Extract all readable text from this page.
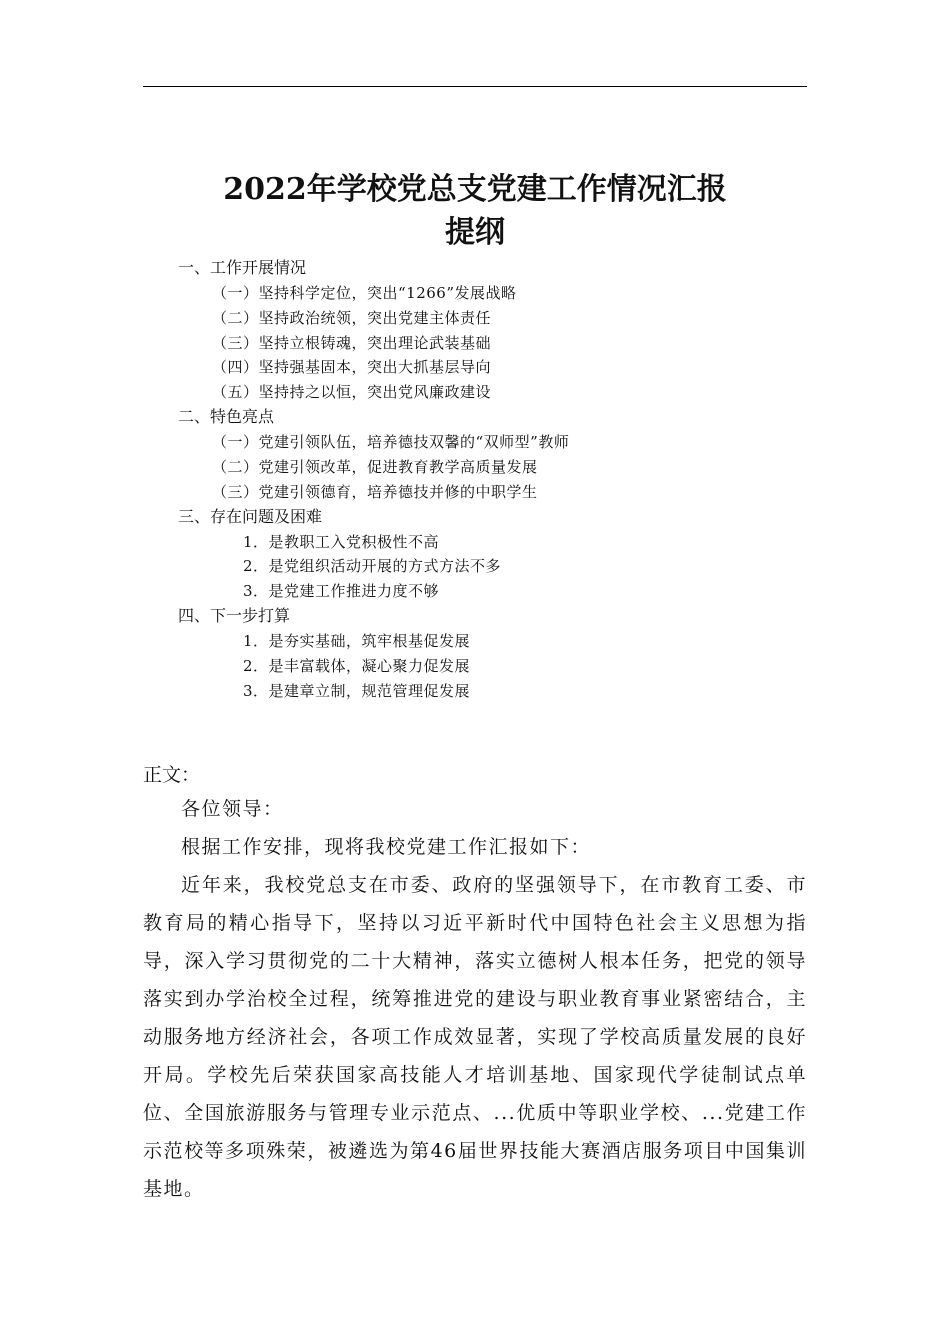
2022年学校党总支党建工作情况汇报
提纲
一、工作开展情况
（一）坚持科学定位，突出“1266”发展战略
（二）坚持政治统领，突出党建主体责任
（三）坚持立根铸魂，突出理论武装基础
（四）坚持强基固本，突出大抓基层导向
（五）坚持持之以恒，突出党风廉政建设
二、特色亮点
（一）党建引领队伍，培养德技双馨的“双师型”教师
（二）党建引领改革，促进教育教学高质量发展
（三）党建引领德育，培养德技并修的中职学生
三、存在问题及困难
1．是教职工入党积极性不高
2．是党组织活动开展的方式方法不多
3．是党建工作推进力度不够
四、下一步打算
1．是夯实基础，筑牢根基促发展
2．是丰富载体，凝心聚力促发展
3．是建章立制，规范管理促发展
正文：
各位领导：
根据工作安排，现将我校党建工作汇报如下：
近年来，我校党总支在市委、政府的坚强领导下，在市教育工委、市教育局的精心指导下，坚持以习近平新时代中国特色社会主义思想为指导，深入学习贯彻党的二十大精神，落实立德树人根本任务，把党的领导落实到办学治校全过程，统筹推进党的建设与职业教育事业紧密结合，主动服务地方经济社会，各项工作成效显著，实现了学校高质量发展的良好开局。学校先后荣获国家高技能人才培训基地、国家现代学徒制试点单位、全国旅游服务与管理专业示范点、...优质中等职业学校、...党建工作示范校等多项殊荣，被遴选为第46届世界技能大赛酒店服务项目中国集训基地。
